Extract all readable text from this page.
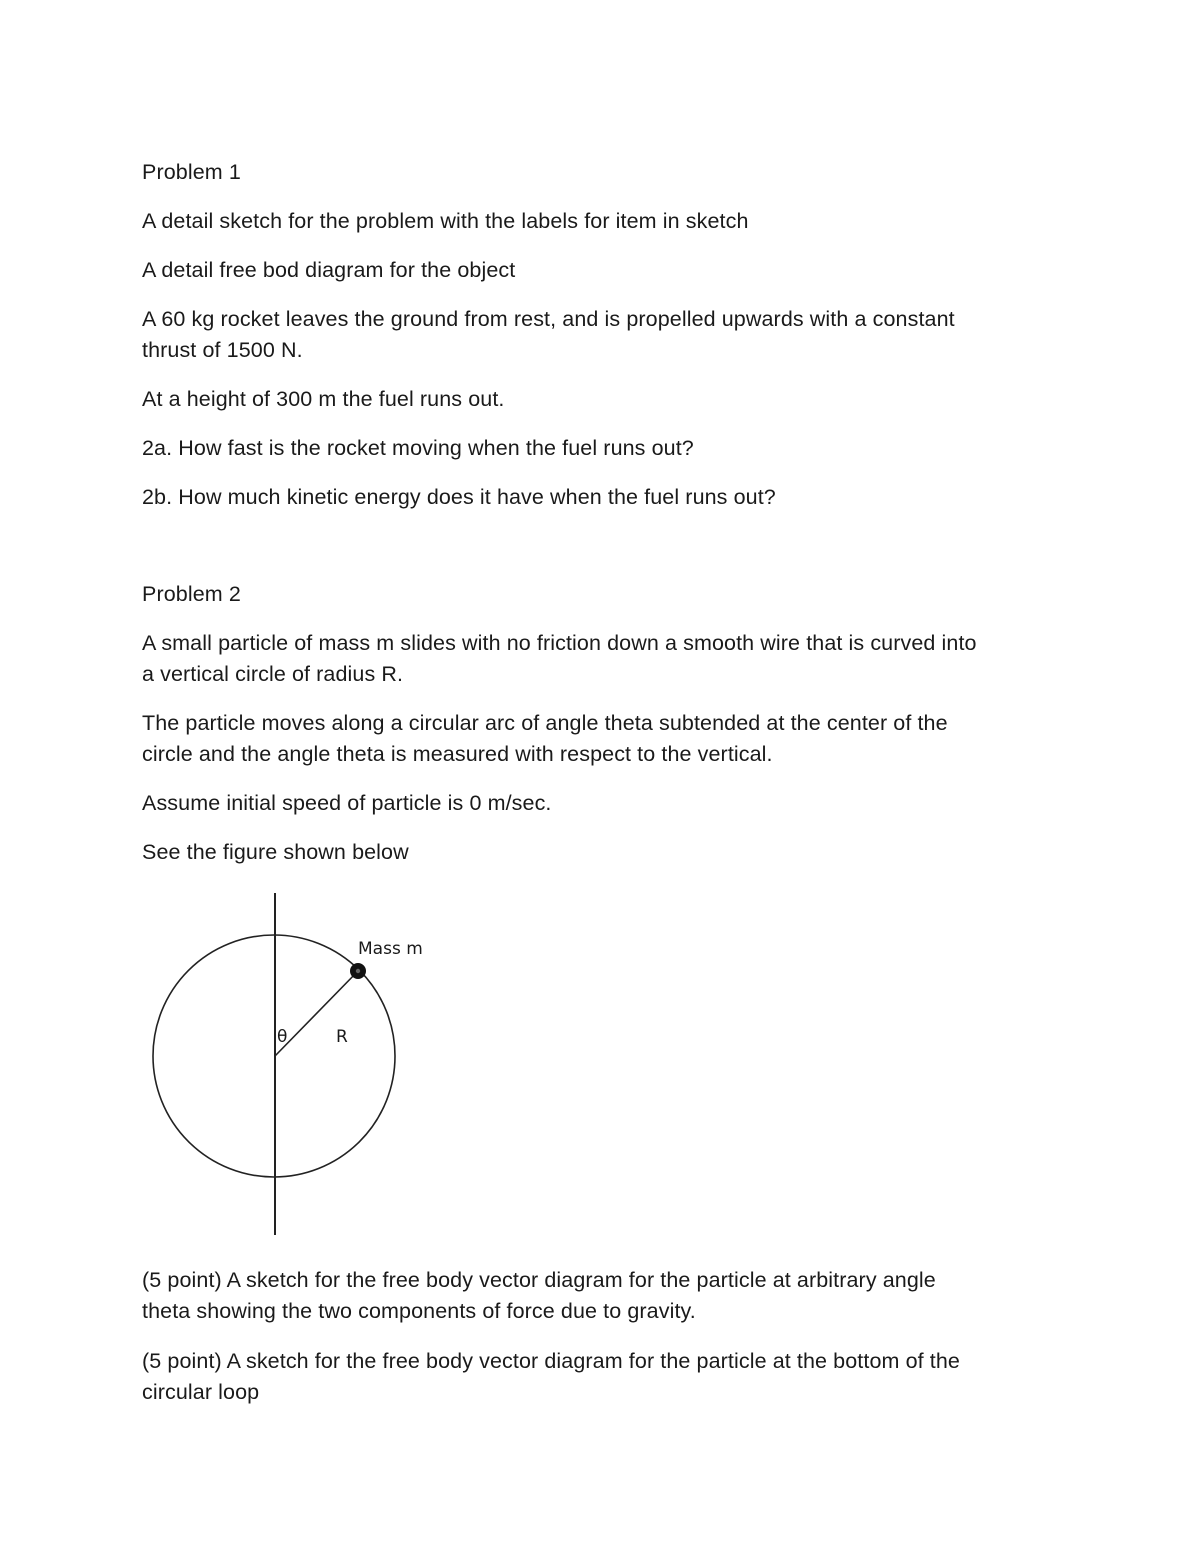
Problem 1
A detail sketch for the problem with the labels for item in sketch
A detail free bod diagram for the object
A 60 kg rocket leaves the ground from rest, and is propelled upwards with a constant
thrust of 1500 N.
At a height of 300 m the fuel runs out.
2a. How fast is the rocket moving when the fuel runs out?
2b. How much kinetic energy does it have when the fuel runs out?
Problem 2
A small particle of mass m slides with no friction down a smooth wire that is curved into
a vertical circle of radius R.
The particle moves along a circular arc of angle theta subtended at the center of the
circle and the angle theta is measured with respect to the vertical.
Assume initial speed of particle is 0 m/sec.
See the figure shown below
Mass m
θ	R
(5 point) A sketch for the free body vector diagram for the particle at arbitrary angle
theta showing the two components of force due to gravity.
(5 point) A sketch for the free body vector diagram for the particle at the bottom of the
circular loop
